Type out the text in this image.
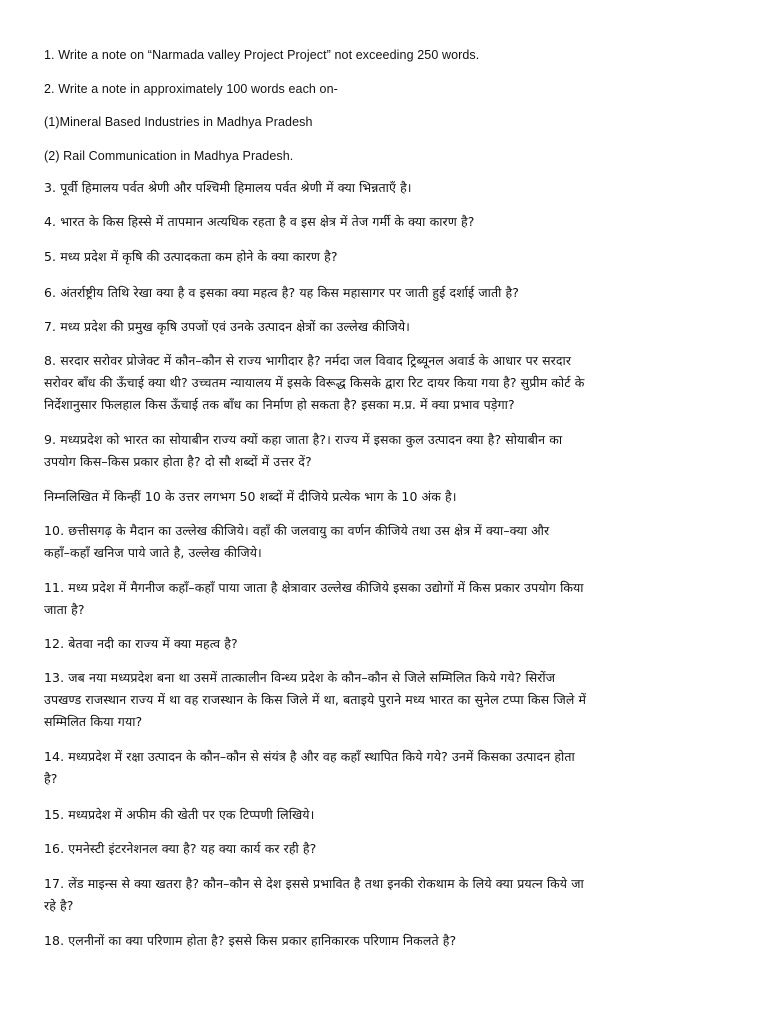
1. Write a note on “Narmada valley Project Project” not exceeding 250 words.

2. Write a note in approximately 100 words each on-

(1)Mineral Based Industries in Madhya Pradesh

(2) Rail Communication in Madhya Pradesh.

3. पूर्वी हिमालय पर्वत श्रेणी और पश्चिमी हिमालय पर्वत श्रेणी में क्या भिन्नताएँ है।

4. भारत के किस हिस्से में तापमान अत्यधिक रहता है व इस क्षेत्र में तेज गर्मी के क्या कारण है?

5. मध्य प्रदेश में कृषि की उत्पादकता कम होने के क्या कारण है?

6. अंतर्राष्ट्रीय तिथि रेखा क्या है व इसका क्या महत्व है? यह किस महासागर पर जाती हुई दर्शाई जाती है?

7. मध्य प्रदेश की प्रमुख कृषि उपजों एवं उनके उत्पादन क्षेत्रों का उल्लेख कीजिये।

8. सरदार सरोवर प्रोजेक्ट में कौन–कौन से राज्य भागीदार है? नर्मदा जल विवाद ट्रिब्यूनल अवार्ड के आधार पर सरदार
सरोवर बाँध की ऊँचाई क्या थी? उच्चतम न्यायालय में इसके विरूद्ध किसके द्वारा रिट दायर किया गया है? सुप्रीम कोर्ट के
निर्देशानुसार फिलहाल किस ऊँचाई तक बाँध का निर्माण हो सकता है? इसका म.प्र. में क्या प्रभाव पड़ेगा?

9. मध्यप्रदेश को भारत का सोयाबीन राज्य क्यों कहा जाता है?। राज्य में इसका कुल उत्पादन क्या है? सोयाबीन का
उपयोग किस–किस प्रकार होता है? दो सौ शब्दों में उत्तर दें?

निम्नलिखित में किन्हीं 10 के उत्तर लगभग 50 शब्दों में दीजिये प्रत्येक भाग के 10 अंक है।

10. छत्तीसगढ़ के मैदान का उल्लेख कीजिये। वहाँ की जलवायु का वर्णन कीजिये तथा उस क्षेत्र में क्या–क्या और
कहाँ–कहाँ खनिज पाये जाते है, उल्लेख कीजिये।

11. मध्य प्रदेश में मैगनीज कहाँ–कहाँ पाया जाता है क्षेत्रावार उल्लेख कीजिये इसका उद्योगों में किस प्रकार उपयोग किया
जाता है?

12. बेतवा नदी का राज्य में क्या महत्व है?

13. जब नया मध्यप्रदेश बना था उसमें तात्कालीन विन्ध्य प्रदेश के कौन–कौन से जिले सम्मिलित किये गये? सिरोंज
उपखण्ड राजस्थान राज्य में था वह राजस्थान के किस जिले में था, बताइये पुराने मध्य भारत का सुनेल टप्पा किस जिले में
सम्मिलित किया गया?

14. मध्यप्रदेश में रक्षा उत्पादन के कौन–कौन से संयंत्र है और वह कहाँ स्थापित किये गये? उनमें किसका उत्पादन होता
है?

15. मध्यप्रदेश में अफीम की खेती पर एक टिप्पणी लिखिये।

16. एमनेस्टी इंटरनेशनल क्या है? यह क्या कार्य कर रही है?

17. लेंड माइन्स से क्या खतरा है? कौन–कौन से देश इससे प्रभावित है तथा इनकी रोकथाम के लिये क्या प्रयत्न किये जा
रहे है?

18. एलनीनों का क्या परिणाम होता है? इससे किस प्रकार हानिकारक परिणाम निकलते है?
